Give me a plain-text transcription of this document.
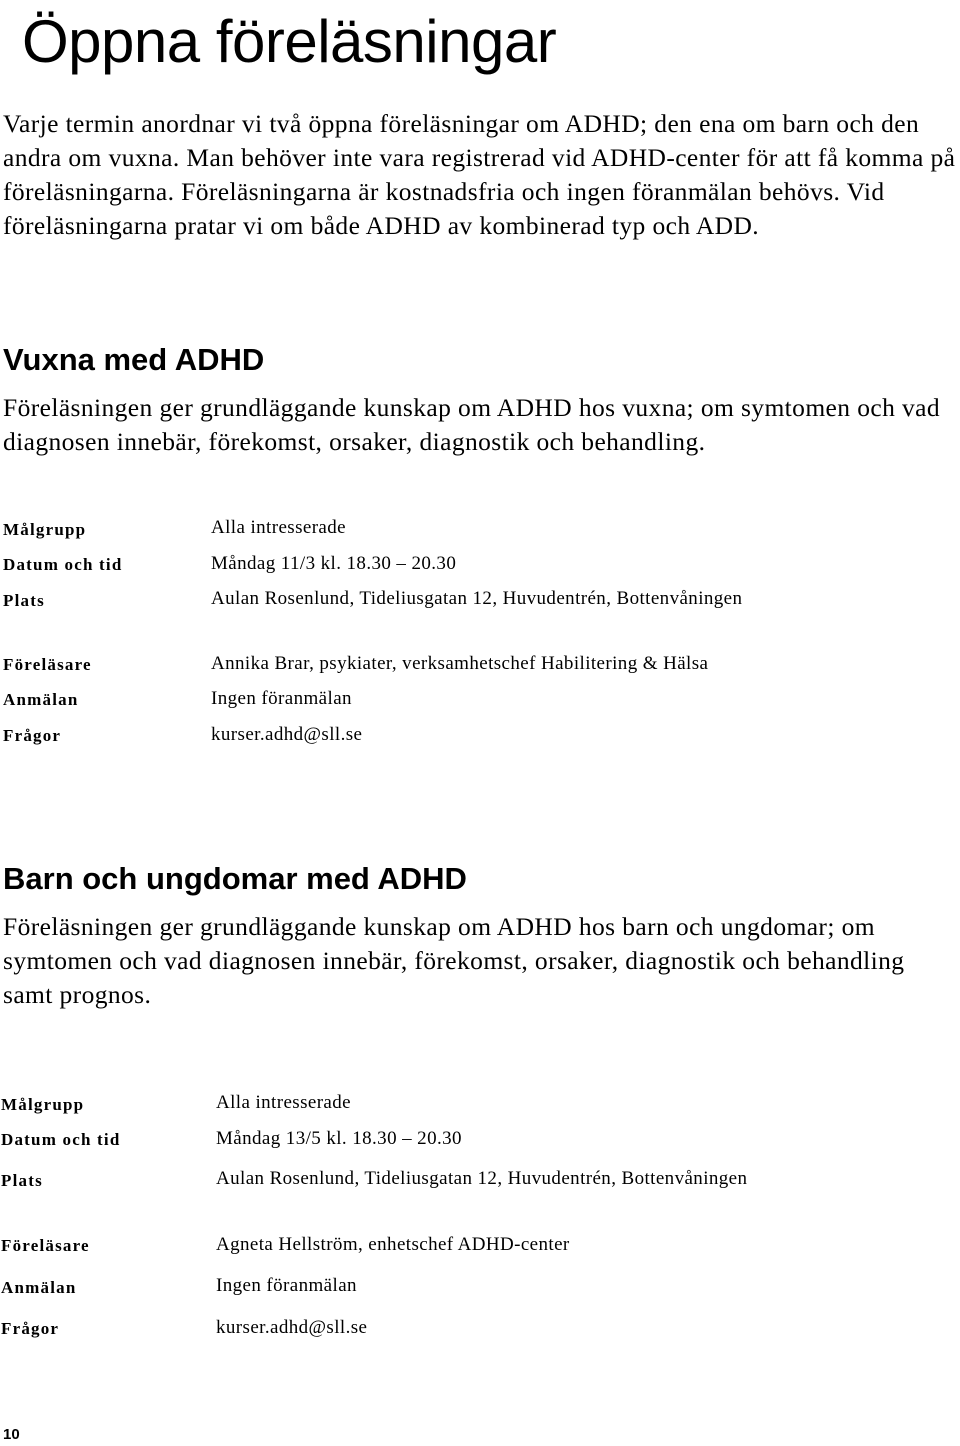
Öppna föreläsningar

Varje termin anordnar vi två öppna föreläsningar om ADHD; den ena om barn och den andra om vuxna. Man behöver inte vara registrerad vid ADHD-center för att få komma på föreläsningarna. Föreläsningarna är kostnadsfria och ingen föranmälan behövs. Vid föreläsningarna pratar vi om både ADHD av kombinerad typ och ADD.

Vuxna med ADHD

Föreläsningen ger grundläggande kunskap om ADHD hos vuxna; om symtomen och vad diagnosen innebär, förekomst, orsaker, diagnostik och behandling.

Målgrupp	Alla intresserade
Datum och tid	Måndag 11/3 kl. 18.30 – 20.30
Plats	Aulan Rosenlund, Tideliusgatan 12, Huvudentrén, Bottenvåningen
Föreläsare	Annika Brar, psykiater, verksamhetschef Habilitering & Hälsa
Anmälan	Ingen föranmälan
Frågor	kurser.adhd@sll.se
Barn och ungdomar med ADHD

Föreläsningen ger grundläggande kunskap om ADHD hos barn och ungdomar; om symtomen och vad diagnosen innebär, förekomst, orsaker, diagnostik och behandling samt prognos.

Målgrupp	Alla intresserade
Datum och tid	Måndag 13/5 kl. 18.30 – 20.30
Plats	Aulan Rosenlund, Tideliusgatan 12, Huvudentrén, Bottenvåningen
Föreläsare	Agneta Hellström, enhetschef ADHD-center
Anmälan	Ingen föranmälan
Frågor	kurser.adhd@sll.se
10
